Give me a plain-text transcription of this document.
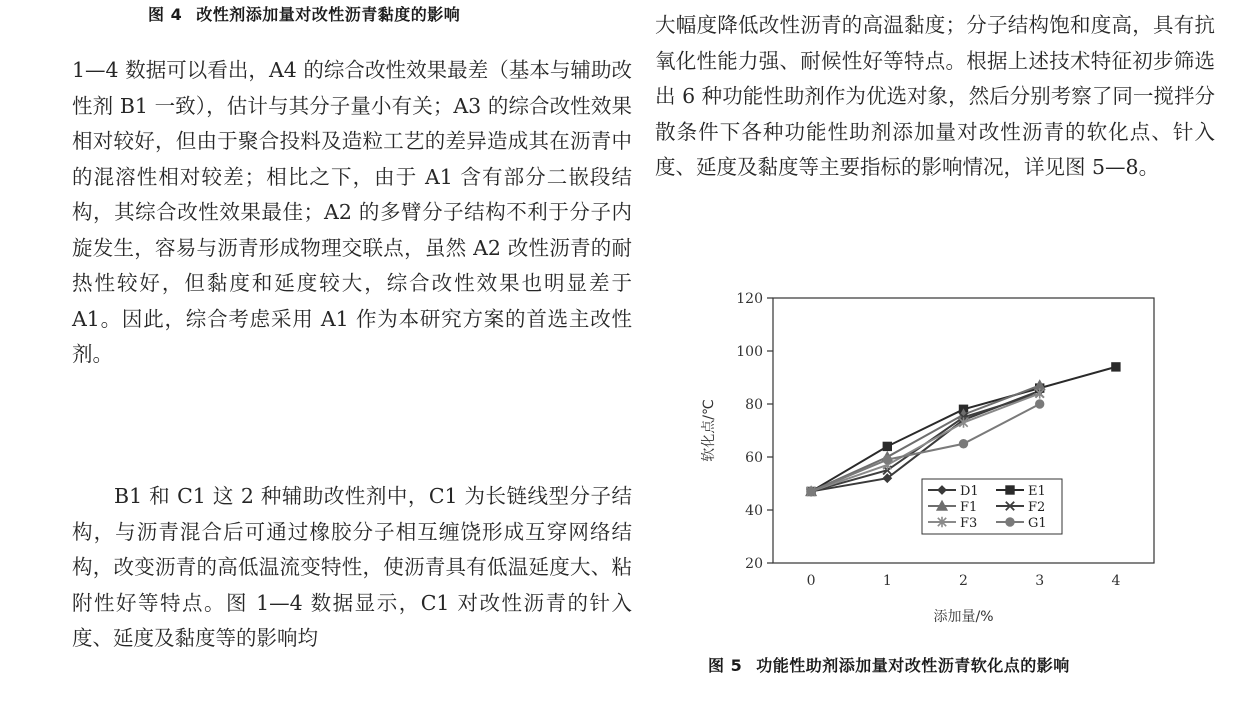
图 4 改性剂添加量对改性沥青黏度的影响

1—4 数据可以看出，A4 的综合改性效果最差（基本与辅助改性剂 B1 一致），估计与其分子量小有关；A3 的综合改性效果相对较好，但由于聚合投料及造粒工艺的差异造成其在沥青中的混溶性相对较差；相比之下，由于 A1 含有部分二嵌段结构，其综合改性效果最佳；A2 的多臂分子结构不利于分子内旋发生，容易与沥青形成物理交联点，虽然 A2 改性沥青的耐热性较好，但黏度和延度较大，综合改性效果也明显差于 A1。因此，综合考虑采用 A1 作为本研究方案的首选主改性剂。

B1 和 C1 这 2 种辅助改性剂中，C1 为长链线型分子结构，与沥青混合后可通过橡胶分子相互缠饶形成互穿网络结构，改变沥青的高低温流变特性，使沥青具有低温延度大、粘附性好等特点。图 1—4 数据显示，C1 对改性沥青的针入度、延度及黏度等的影响均

大幅度降低改性沥青的高温黏度；分子结构饱和度高，具有抗氧化性能力强、耐候性好等特点。根据上述技术特征初步筛选出 6 种功能性助剂作为优选对象，然后分别考察了同一搅拌分散条件下各种功能性助剂添加量对改性沥青的软化点、针入度、延度及黏度等主要指标的影响情况，详见图 5—8。

图 5 功能性助剂添加量对改性沥青软化点的影响
20
40
60
80
100
120
0	1	2	3	4
添加量/%
软化点/℃
D1	E1
F1	F2
F3	G1
